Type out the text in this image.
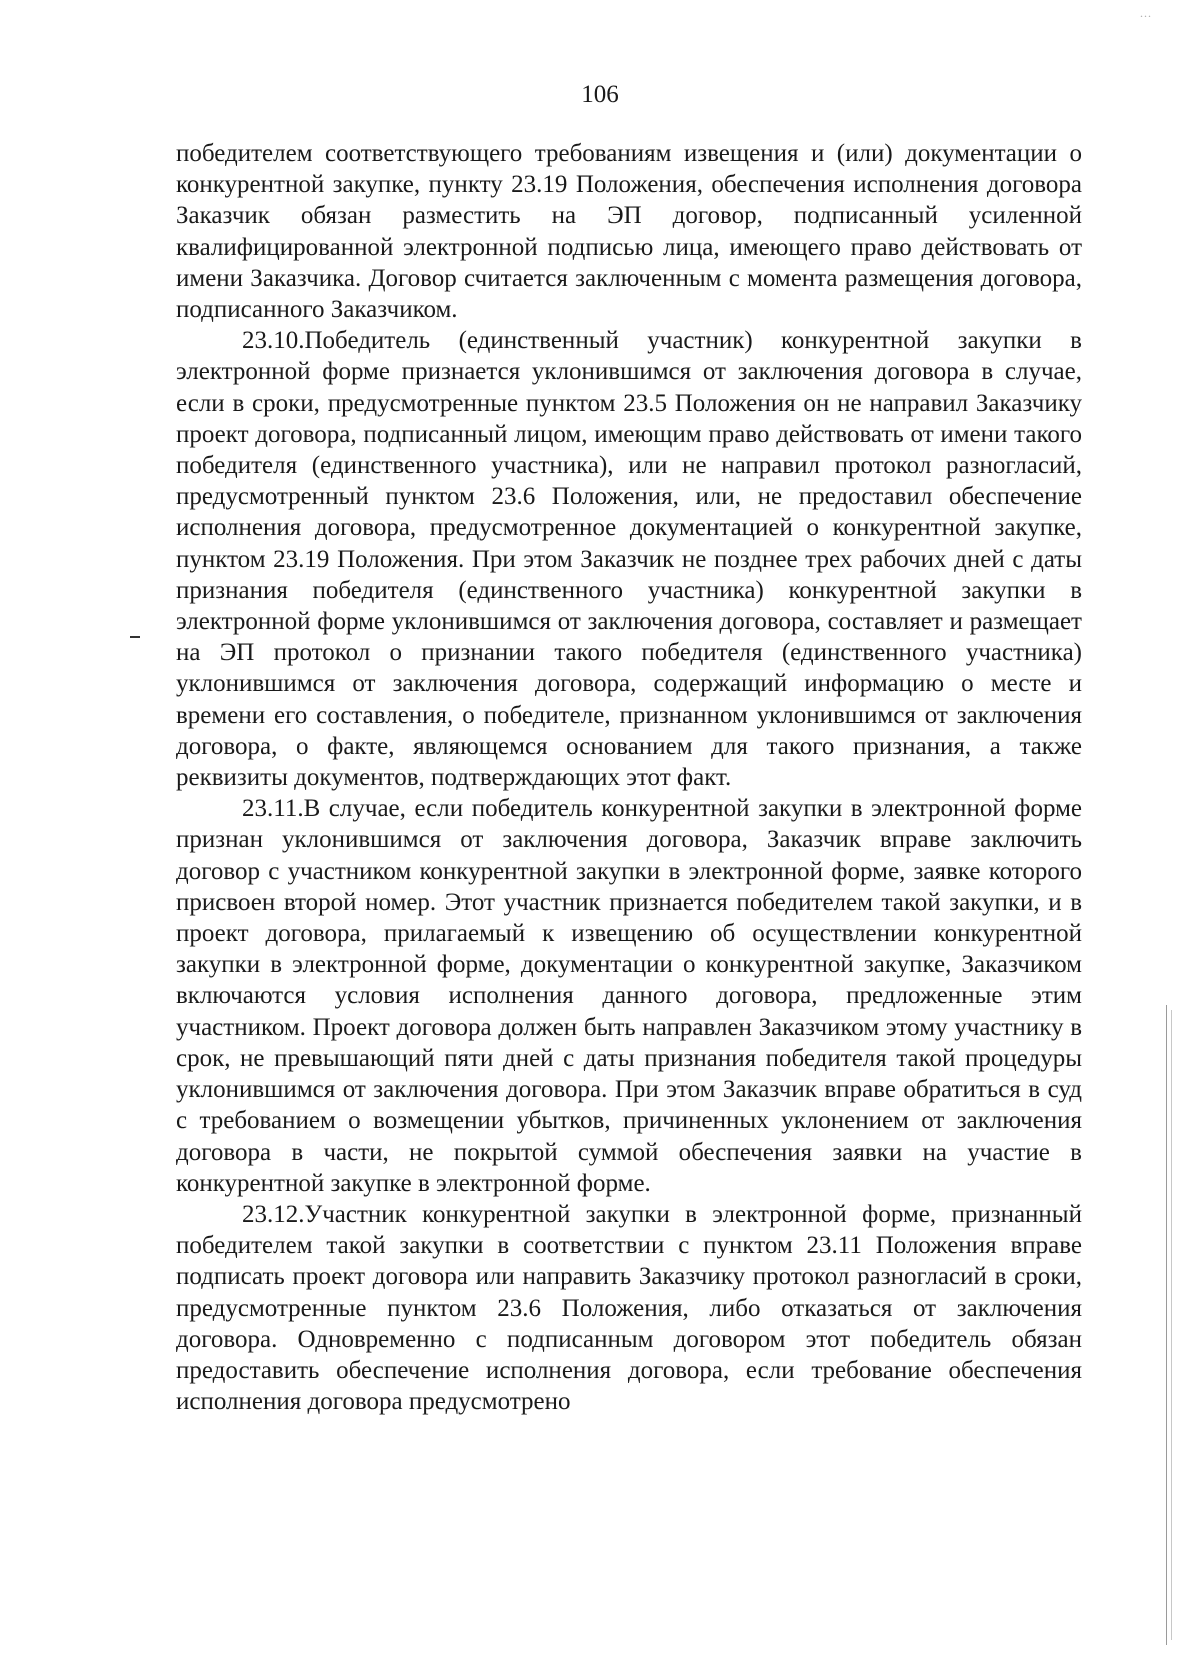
...
106

победителем соответствующего требованиям извещения и (или) документации о конкурентной закупке, пункту 23.19 Положения, обеспечения исполнения договора Заказчик обязан разместить на ЭП договор, подписанный усиленной квалифицированной электронной подписью лица, имеющего право действовать от имени Заказчика. Договор считается заключенным с момента размещения договора, подписанного Заказчиком.

23.10.Победитель (единственный участник) конкурентной закупки в электронной форме признается уклонившимся от заключения договора в случае, если в сроки, предусмотренные пунктом 23.5 Положения он не направил Заказчику проект договора, подписанный лицом, имеющим право действовать от имени такого победителя (единственного участника), или не направил протокол разногласий, предусмотренный пунктом 23.6 Положения, или, не предоставил обеспечение исполнения договора, предусмотренное документацией о конкурентной закупке, пунктом 23.19 Положения. При этом Заказчик не позднее трех рабочих дней с даты признания победителя (единственного участника) конкурентной закупки в электронной форме уклонившимся от заключения договора, составляет и размещает на ЭП протокол о признании такого победителя (единственного участника) уклонившимся от заключения договора, содержащий информацию о месте и времени его составления, о победителе, признанном уклонившимся от заключения договора, о факте, являющемся основанием для такого признания, а также реквизиты документов, подтверждающих этот факт.

23.11.В случае, если победитель конкурентной закупки в электронной форме признан уклонившимся от заключения договора, Заказчик вправе заключить договор с участником конкурентной закупки в электронной форме, заявке которого присвоен второй номер. Этот участник признается победителем такой закупки, и в проект договора, прилагаемый к извещению об осуществлении конкурентной закупки в электронной форме, документации о конкурентной закупке, Заказчиком включаются условия исполнения данного договора, предложенные этим участником. Проект договора должен быть направлен Заказчиком этому участнику в срок, не превышающий пяти дней с даты признания победителя такой процедуры уклонившимся от заключения договора. При этом Заказчик вправе обратиться в суд с требованием о возмещении убытков, причиненных уклонением от заключения договора в части, не покрытой суммой обеспечения заявки на участие в конкурентной закупке в электронной форме.

23.12.Участник конкурентной закупки в электронной форме, признанный победителем такой закупки в соответствии с пунктом 23.11 Положения вправе подписать проект договора или направить Заказчику протокол разногласий в сроки, предусмотренные пунктом 23.6 Положения, либо отказаться от заключения договора. Одновременно с подписанным договором этот победитель обязан предоставить обеспечение исполнения договора, если требование обеспечения исполнения договора предусмотрено
